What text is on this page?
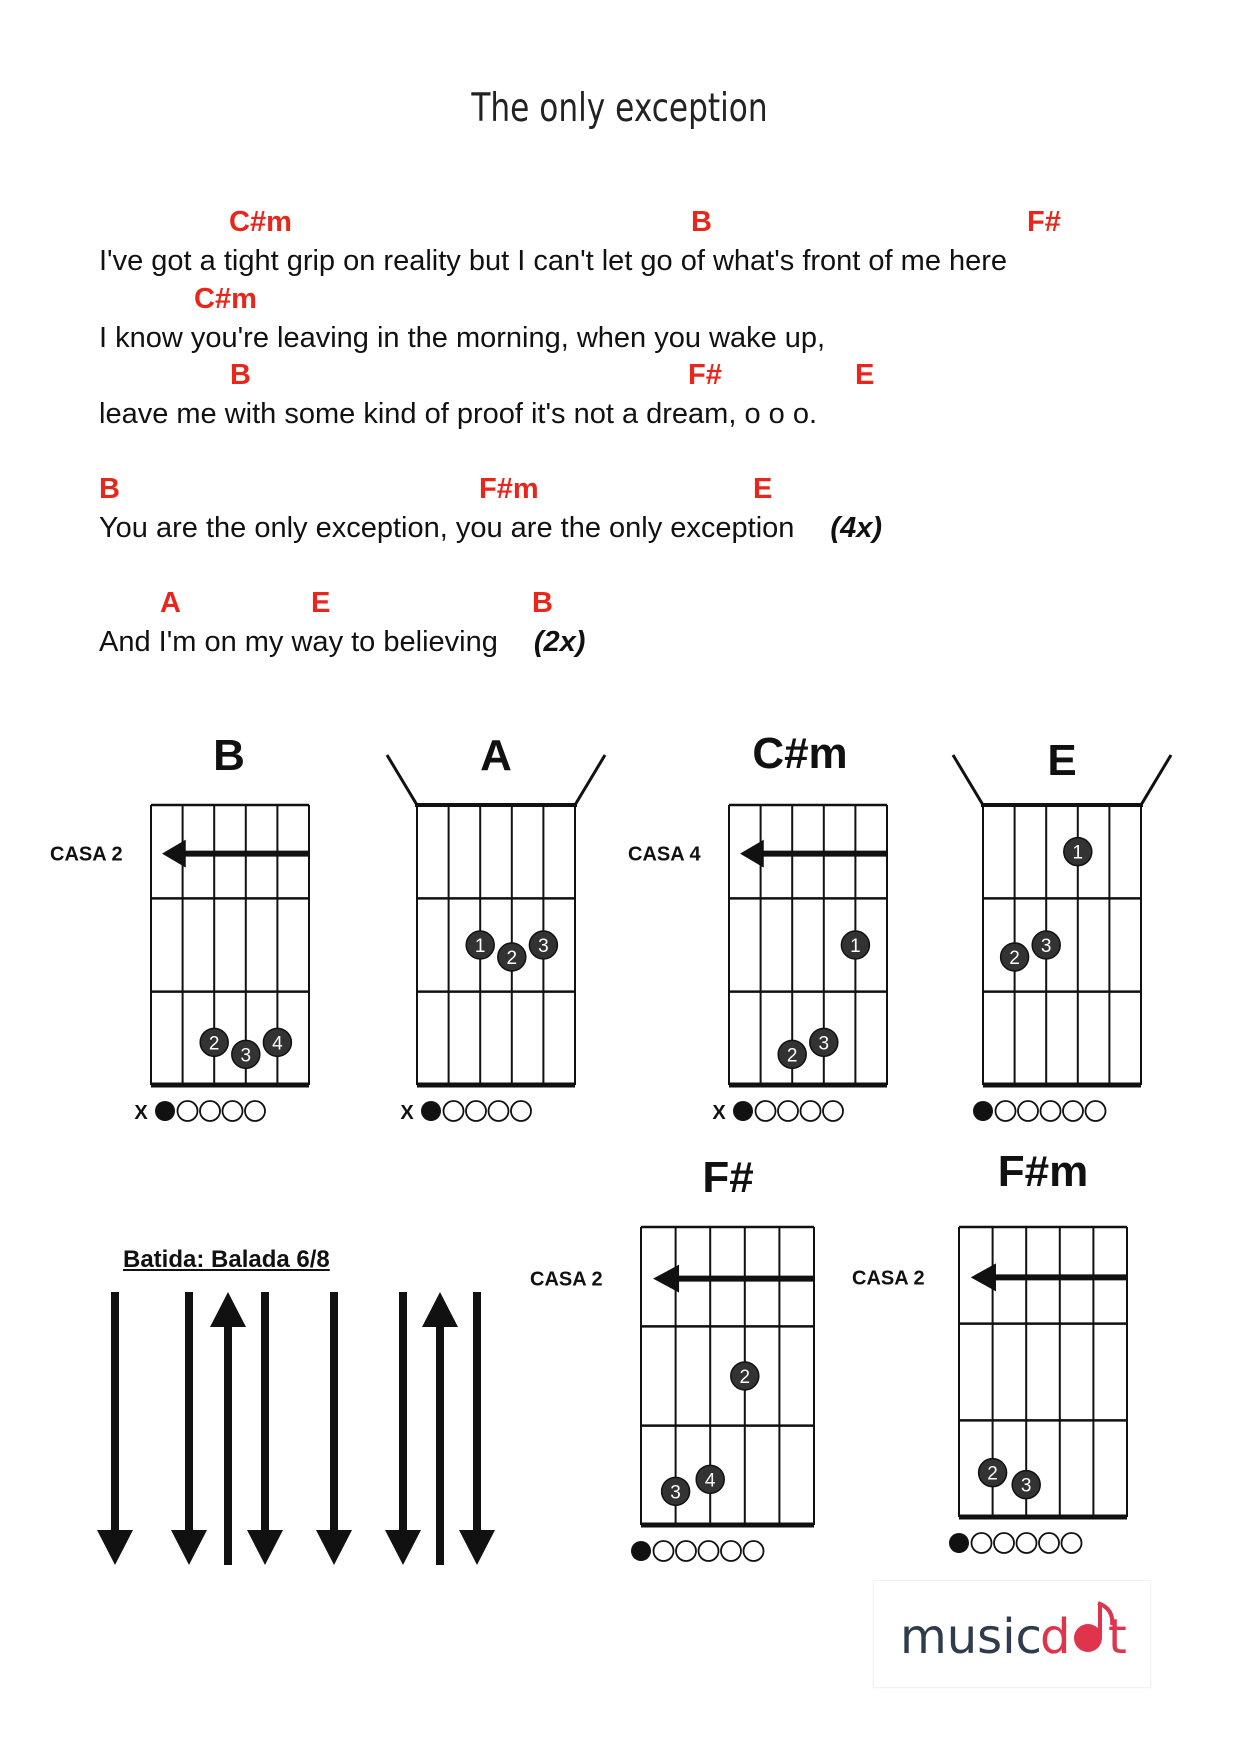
The only exception
C#m	B	F#
I've got a tight grip on reality but I can't let go of what's front of me here
C#m
I know you're leaving in the morning, when you wake up,
B	F#	E
leave me with some kind of proof it's not a dream, o o o.
B	F#m	E
You are the only exception, you are the only exception (4x)
A	E	B
And I'm on my way to believing (2x)
B
CASA 2
2
3
4
X
A
1
2
3
X
C#m
CASA 4
1
2
3
X
E
1
2
3
F#
CASA 2
2
3
4
F#m
CASA 2
2
3
Batida: Balada 6/8
music
d t
